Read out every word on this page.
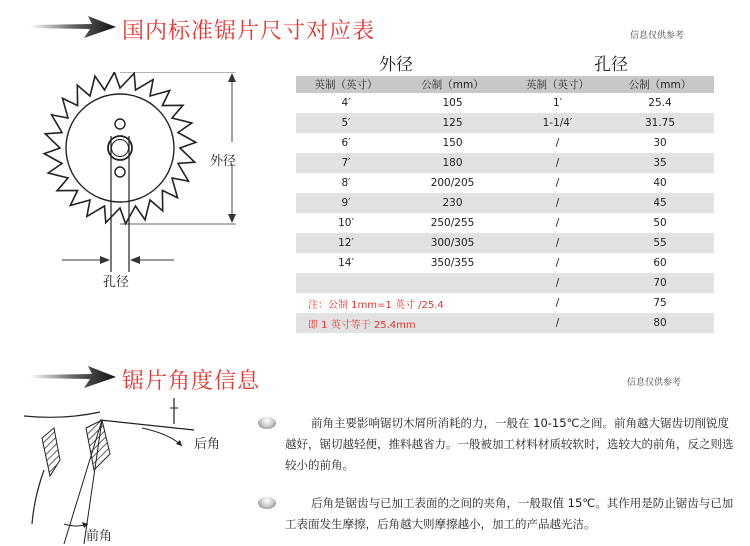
国内标准锯片尺寸对应表	信息仅供参考
外径
孔径
外径	孔径
英制（英寸）	公制（mm）	英制（英寸）	公制（mm）
4′	105	1′	25.4
5′	125	1-1/4′	31.75
6′	150	/	30
7′	180	/	35
8′	200/205	/	40
9′	230	/	45
10′	250/255	/	50
12′	300/305	/	55
14′	350/355	/	60
		/	70
注：公制 1mm=1 英寸 /25.4		/	75
即 1 英寸等于 25.4mm		/	80
锯片角度信息	信息仅供参考
后角
前角
前角主要影响锯切木屑所消耗的力，一般在 10-15℃之间。前角越大锯齿切削锐度越好，锯切越轻便，推料越省力。一般被加工材料材质较软时，选较大的前角，反之则选较小的前角。
后角是锯齿与已加工表面的之间的夹角，一般取值 15℃。其作用是防止锯齿与已加工表面发生摩擦，后角越大则摩擦越小，加工的产品越光洁。
